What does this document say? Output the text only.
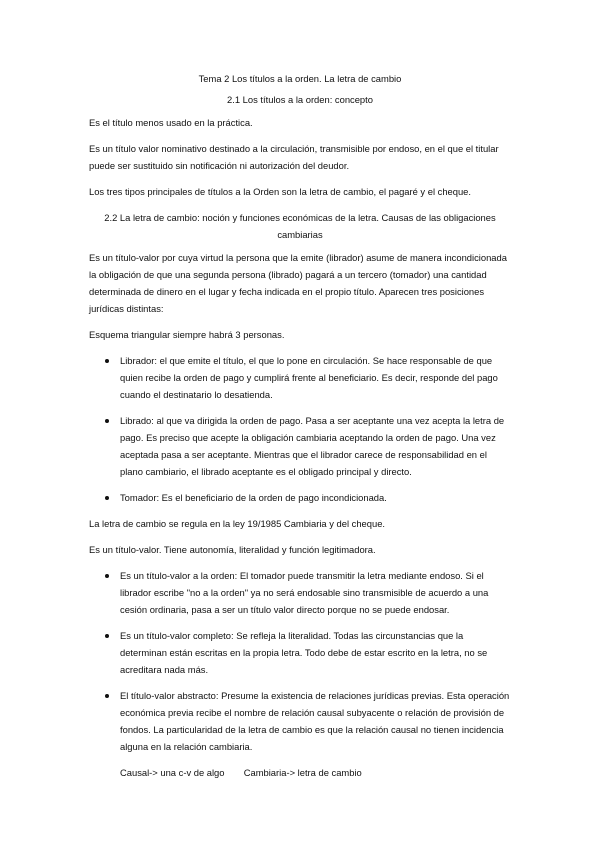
Tema 2 Los títulos a la orden. La letra de cambio

2.1 Los títulos a la orden: concepto

Es el título menos usado en la práctica.

Es un título valor nominativo destinado a la circulación, transmisible por endoso, en el que el titular puede ser sustituido sin notificación ni autorización del deudor.

Los tres tipos principales de títulos a la Orden son la letra de cambio, el pagaré y el cheque.

2.2 La letra de cambio: noción y funciones económicas de la letra. Causas de las obligaciones cambiarias

Es un título-valor por cuya virtud la persona que la emite (librador) asume de manera incondicionada la obligación de que una segunda persona (librado) pagará a un tercero (tomador) una cantidad determinada de dinero en el lugar y fecha indicada en el propio título. Aparecen tres posiciones jurídicas distintas:

Esquema triangular siempre habrá 3 personas.

Librador: el que emite el título, el que lo pone en circulación. Se hace responsable de que quien recibe la orden de pago y cumplirá frente al beneficiario. Es decir, responde del pago cuando el destinatario lo desatienda.
Librado: al que va dirigida la orden de pago. Pasa a ser aceptante una vez acepta la letra de pago. Es preciso que acepte la obligación cambiaria aceptando la orden de pago. Una vez aceptada pasa a ser aceptante. Mientras que el librador carece de responsabilidad en el plano cambiario, el librado aceptante es el obligado principal y directo.
Tomador: Es el beneficiario de la orden de pago incondicionada.

La letra de cambio se regula en la ley 19/1985 Cambiaria y del cheque.

Es un título-valor. Tiene autonomía, literalidad y función legitimadora.

Es un título-valor a la orden: El tomador puede transmitir la letra mediante endoso. Si el librador escribe "no a la orden" ya no será endosable sino transmisible de acuerdo a una cesión ordinaria, pasa a ser un título valor directo porque no se puede endosar.
Es un título-valor completo: Se refleja la literalidad. Todas las circunstancias que la determinan están escritas en la propia letra. Todo debe de estar escrito en la letra, no se acreditara nada más.
El título-valor abstracto: Presume la existencia de relaciones jurídicas previas. Esta operación económica previa recibe el nombre de relación causal subyacente o relación de provisión de fondos. La particularidad de la letra de cambio es que la relación causal no tienen incidencia alguna en la relación cambiaria.

Causal-> una c-v de algo Cambiaria-> letra de cambio
